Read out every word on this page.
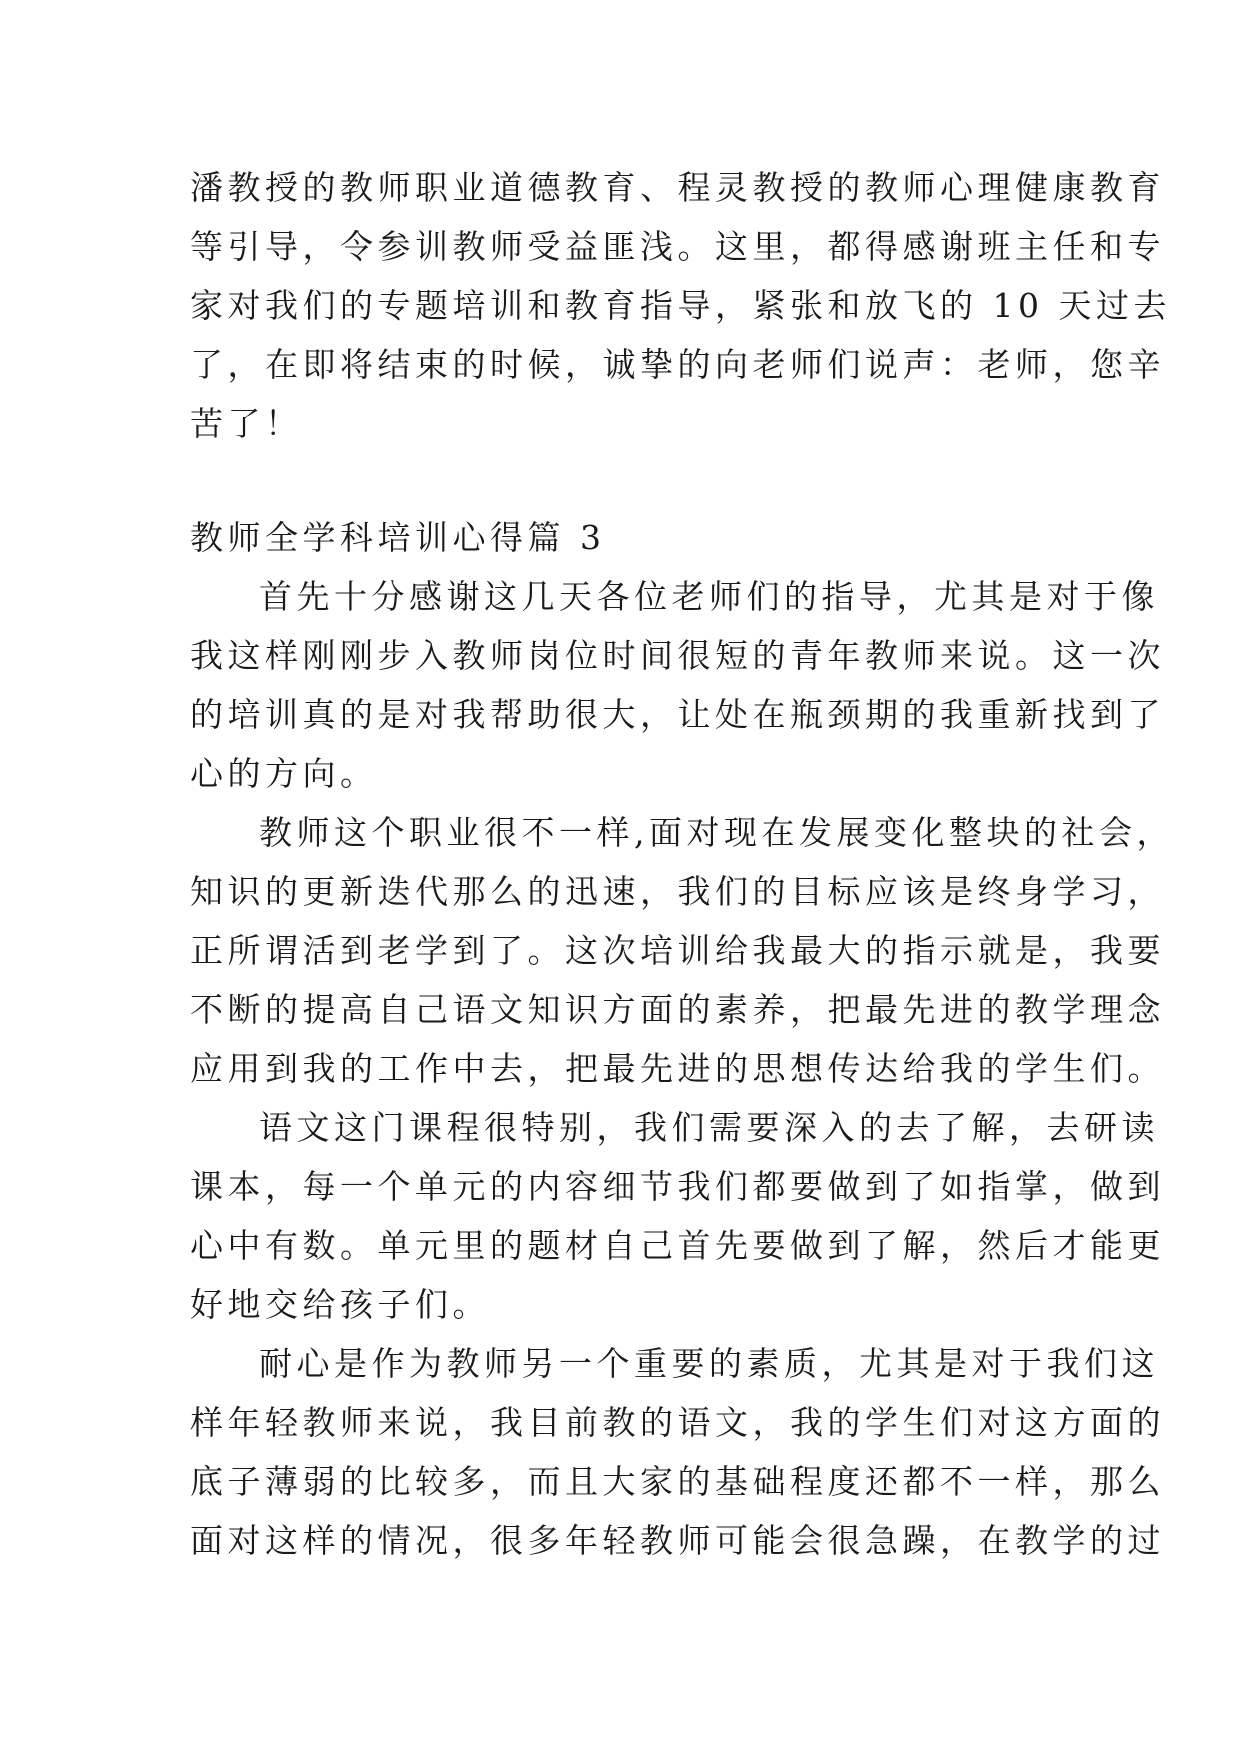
潘教授的教师职业道德教育、程灵教授的教师心理健康教育
等引导，令参训教师受益匪浅。这里，都得感谢班主任和专
家对我们的专题培训和教育指导，紧张和放飞的 10 天过去
了，在即将结束的时候，诚挚的向老师们说声：老师，您辛
苦了！
教师全学科培训心得篇 3
首先十分感谢这几天各位老师们的指导，尤其是对于像
我这样刚刚步入教师岗位时间很短的青年教师来说。这一次
的培训真的是对我帮助很大，让处在瓶颈期的我重新找到了
心的方向。
教师这个职业很不一样,面对现在发展变化整块的社会，
知识的更新迭代那么的迅速，我们的目标应该是终身学习，
正所谓活到老学到了。这次培训给我最大的指示就是，我要
不断的提高自己语文知识方面的素养，把最先进的教学理念
应用到我的工作中去，把最先进的思想传达给我的学生们。
语文这门课程很特别，我们需要深入的去了解，去研读
课本，每一个单元的内容细节我们都要做到了如指掌，做到
心中有数。单元里的题材自己首先要做到了解，然后才能更
好地交给孩子们。
耐心是作为教师另一个重要的素质，尤其是对于我们这
样年轻教师来说，我目前教的语文，我的学生们对这方面的
底子薄弱的比较多，而且大家的基础程度还都不一样，那么
面对这样的情况，很多年轻教师可能会很急躁，在教学的过
